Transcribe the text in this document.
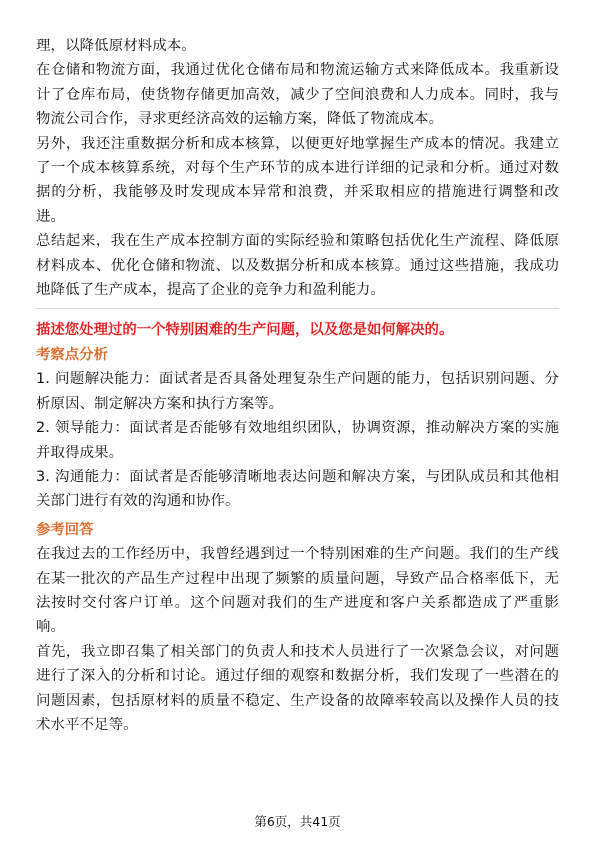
理，以降低原材料成本。

在仓储和物流方面，我通过优化仓储布局和物流运输方式来降低成本。我重新设计了仓库布局，使货物存储更加高效，减少了空间浪费和人力成本。同时，我与物流公司合作，寻求更经济高效的运输方案，降低了物流成本。

另外，我还注重数据分析和成本核算，以便更好地掌握生产成本的情况。我建立了一个成本核算系统，对每个生产环节的成本进行详细的记录和分析。通过对数据的分析，我能够及时发现成本异常和浪费，并采取相应的措施进行调整和改进。

总结起来，我在生产成本控制方面的实际经验和策略包括优化生产流程、降低原材料成本、优化仓储和物流、以及数据分析和成本核算。通过这些措施，我成功地降低了生产成本，提高了企业的竞争力和盈利能力。

描述您处理过的一个特别困难的生产问题，以及您是如何解决的。

考察点分析

1. 问题解决能力：面试者是否具备处理复杂生产问题的能力，包括识别问题、分析原因、制定解决方案和执行方案等。

2. 领导能力：面试者是否能够有效地组织团队，协调资源，推动解决方案的实施并取得成果。

3. 沟通能力：面试者是否能够清晰地表达问题和解决方案，与团队成员和其他相关部门进行有效的沟通和协作。

参考回答

在我过去的工作经历中，我曾经遇到过一个特别困难的生产问题。我们的生产线在某一批次的产品生产过程中出现了频繁的质量问题，导致产品合格率低下，无法按时交付客户订单。这个问题对我们的生产进度和客户关系都造成了严重影响。

首先，我立即召集了相关部门的负责人和技术人员进行了一次紧急会议，对问题进行了深入的分析和讨论。通过仔细的观察和数据分析，我们发现了一些潜在的问题因素，包括原材料的质量不稳定、生产设备的故障率较高以及操作人员的技术水平不足等。

第6页，共41页
